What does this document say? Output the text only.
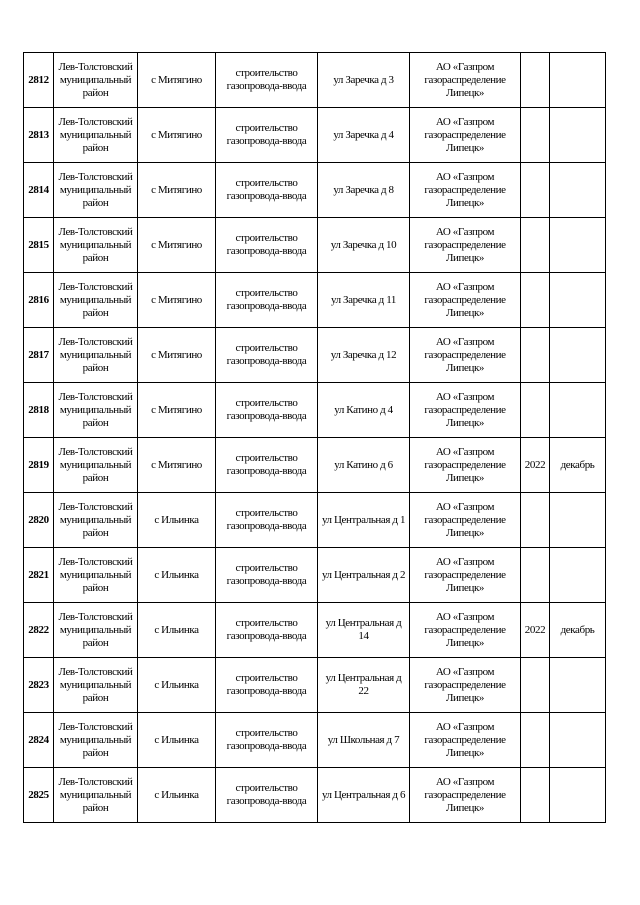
2812	Лев-Толстовский муниципальный район	с Митягино	строительство газопровода-ввода	ул Заречка д 3	АО «Газпром газораспределение Липецк»		
2813	Лев-Толстовский муниципальный район	с Митягино	строительство газопровода-ввода	ул Заречка д 4	АО «Газпром газораспределение Липецк»		
2814	Лев-Толстовский муниципальный район	с Митягино	строительство газопровода-ввода	ул Заречка д 8	АО «Газпром газораспределение Липецк»		
2815	Лев-Толстовский муниципальный район	с Митягино	строительство газопровода-ввода	ул Заречка д 10	АО «Газпром газораспределение Липецк»		
2816	Лев-Толстовский муниципальный район	с Митягино	строительство газопровода-ввода	ул Заречка д 11	АО «Газпром газораспределение Липецк»		
2817	Лев-Толстовский муниципальный район	с Митягино	строительство газопровода-ввода	ул Заречка д 12	АО «Газпром газораспределение Липецк»		
2818	Лев-Толстовский муниципальный район	с Митягино	строительство газопровода-ввода	ул Катино д 4	АО «Газпром газораспределение Липецк»		
2819	Лев-Толстовский муниципальный район	с Митягино	строительство газопровода-ввода	ул Катино д 6	АО «Газпром газораспределение Липецк»	2022	декабрь
2820	Лев-Толстовский муниципальный район	с Ильинка	строительство газопровода-ввода	ул Центральная д 1	АО «Газпром газораспределение Липецк»		
2821	Лев-Толстовский муниципальный район	с Ильинка	строительство газопровода-ввода	ул Центральная д 2	АО «Газпром газораспределение Липецк»		
2822	Лев-Толстовский муниципальный район	с Ильинка	строительство газопровода-ввода	ул Центральная д 14	АО «Газпром газораспределение Липецк»	2022	декабрь
2823	Лев-Толстовский муниципальный район	с Ильинка	строительство газопровода-ввода	ул Центральная д 22	АО «Газпром газораспределение Липецк»		
2824	Лев-Толстовский муниципальный район	с Ильинка	строительство газопровода-ввода	ул Школьная д 7	АО «Газпром газораспределение Липецк»		
2825	Лев-Толстовский муниципальный район	с Ильинка	строительство газопровода-ввода	ул Центральная д 6	АО «Газпром газораспределение Липецк»		
